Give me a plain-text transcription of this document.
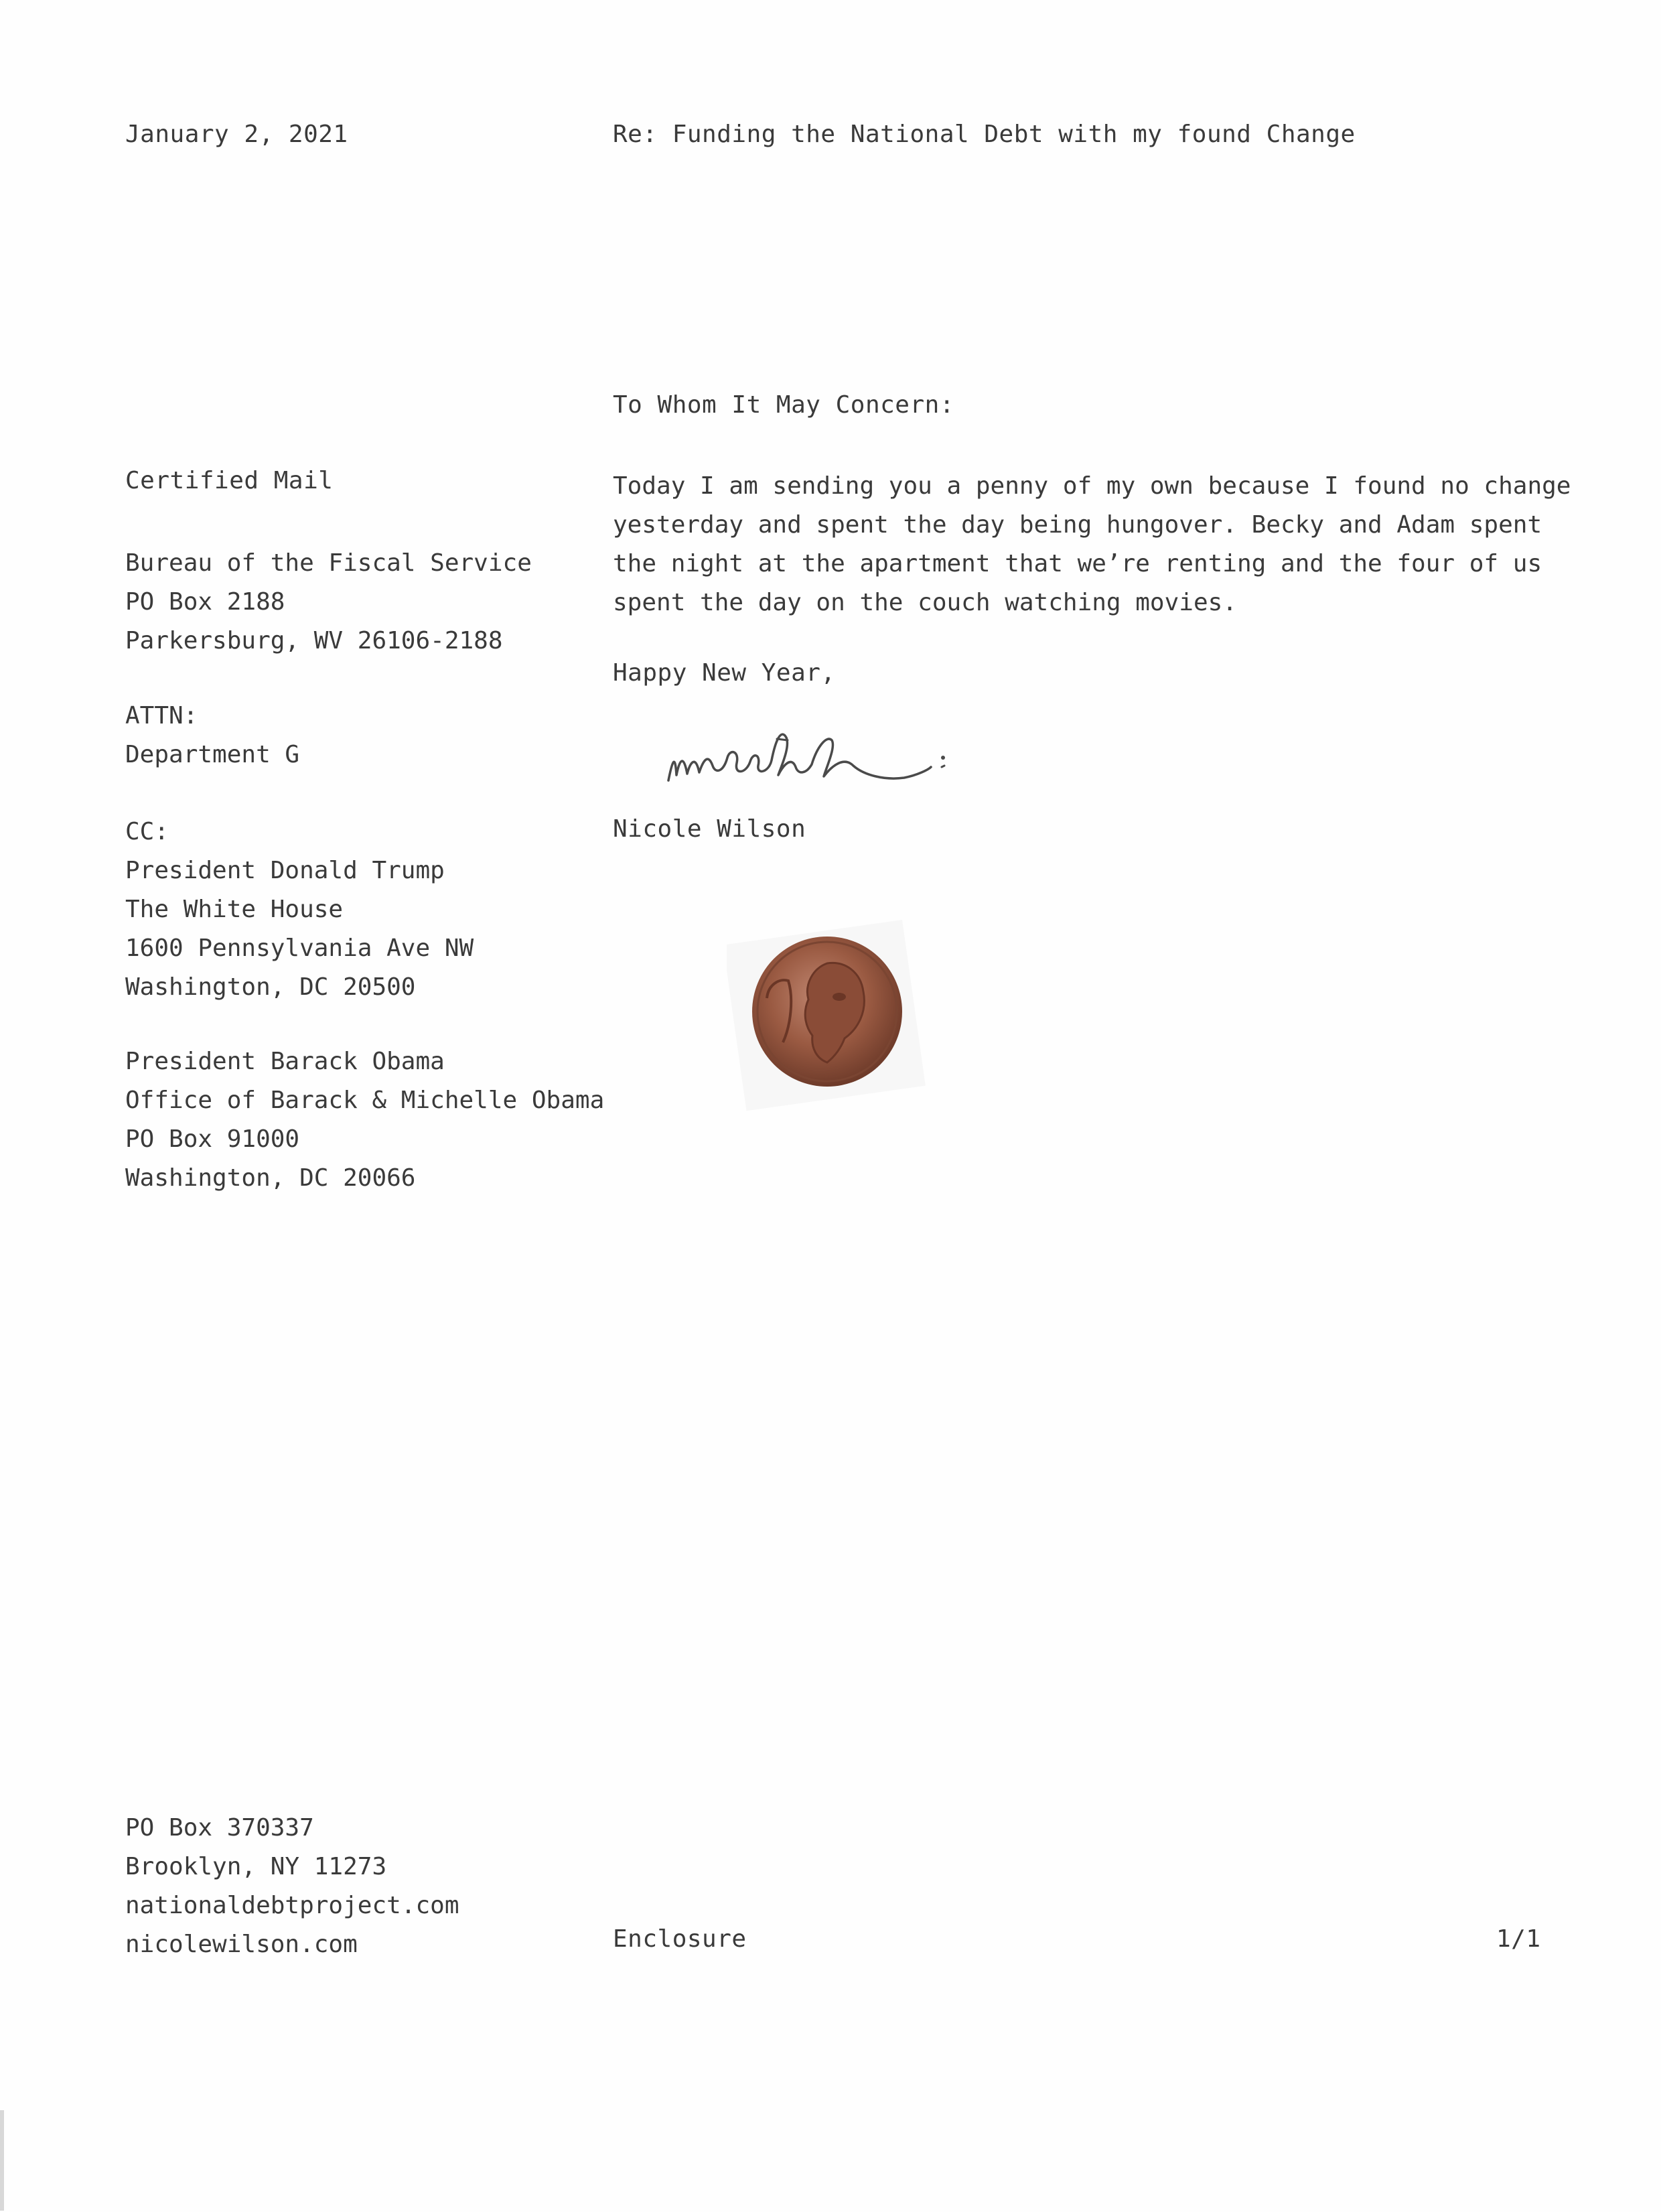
January 2, 2021	Re: Funding the National Debt with my found Change
To Whom It May Concern:
Today I am sending you a penny of my own because I found no change
yesterday and spent the day being hungover. Becky and Adam spent
the night at the apartment that we’re renting and the four of us
spent the day on the couch watching movies.
Happy New Year,
Nicole Wilson
Certified Mail
Bureau of the Fiscal Service
PO Box 2188
Parkersburg, WV 26106-2188
ATTN:
Department G
CC:
President Donald Trump
The White House
1600 Pennsylvania Ave NW
Washington, DC 20500
President Barack Obama
Office of Barack & Michelle Obama
PO Box 91000
Washington, DC 20066
PO Box 370337
Brooklyn, NY 11273
nationaldebtproject.com
nicolewilson.com	Enclosure	1/1
